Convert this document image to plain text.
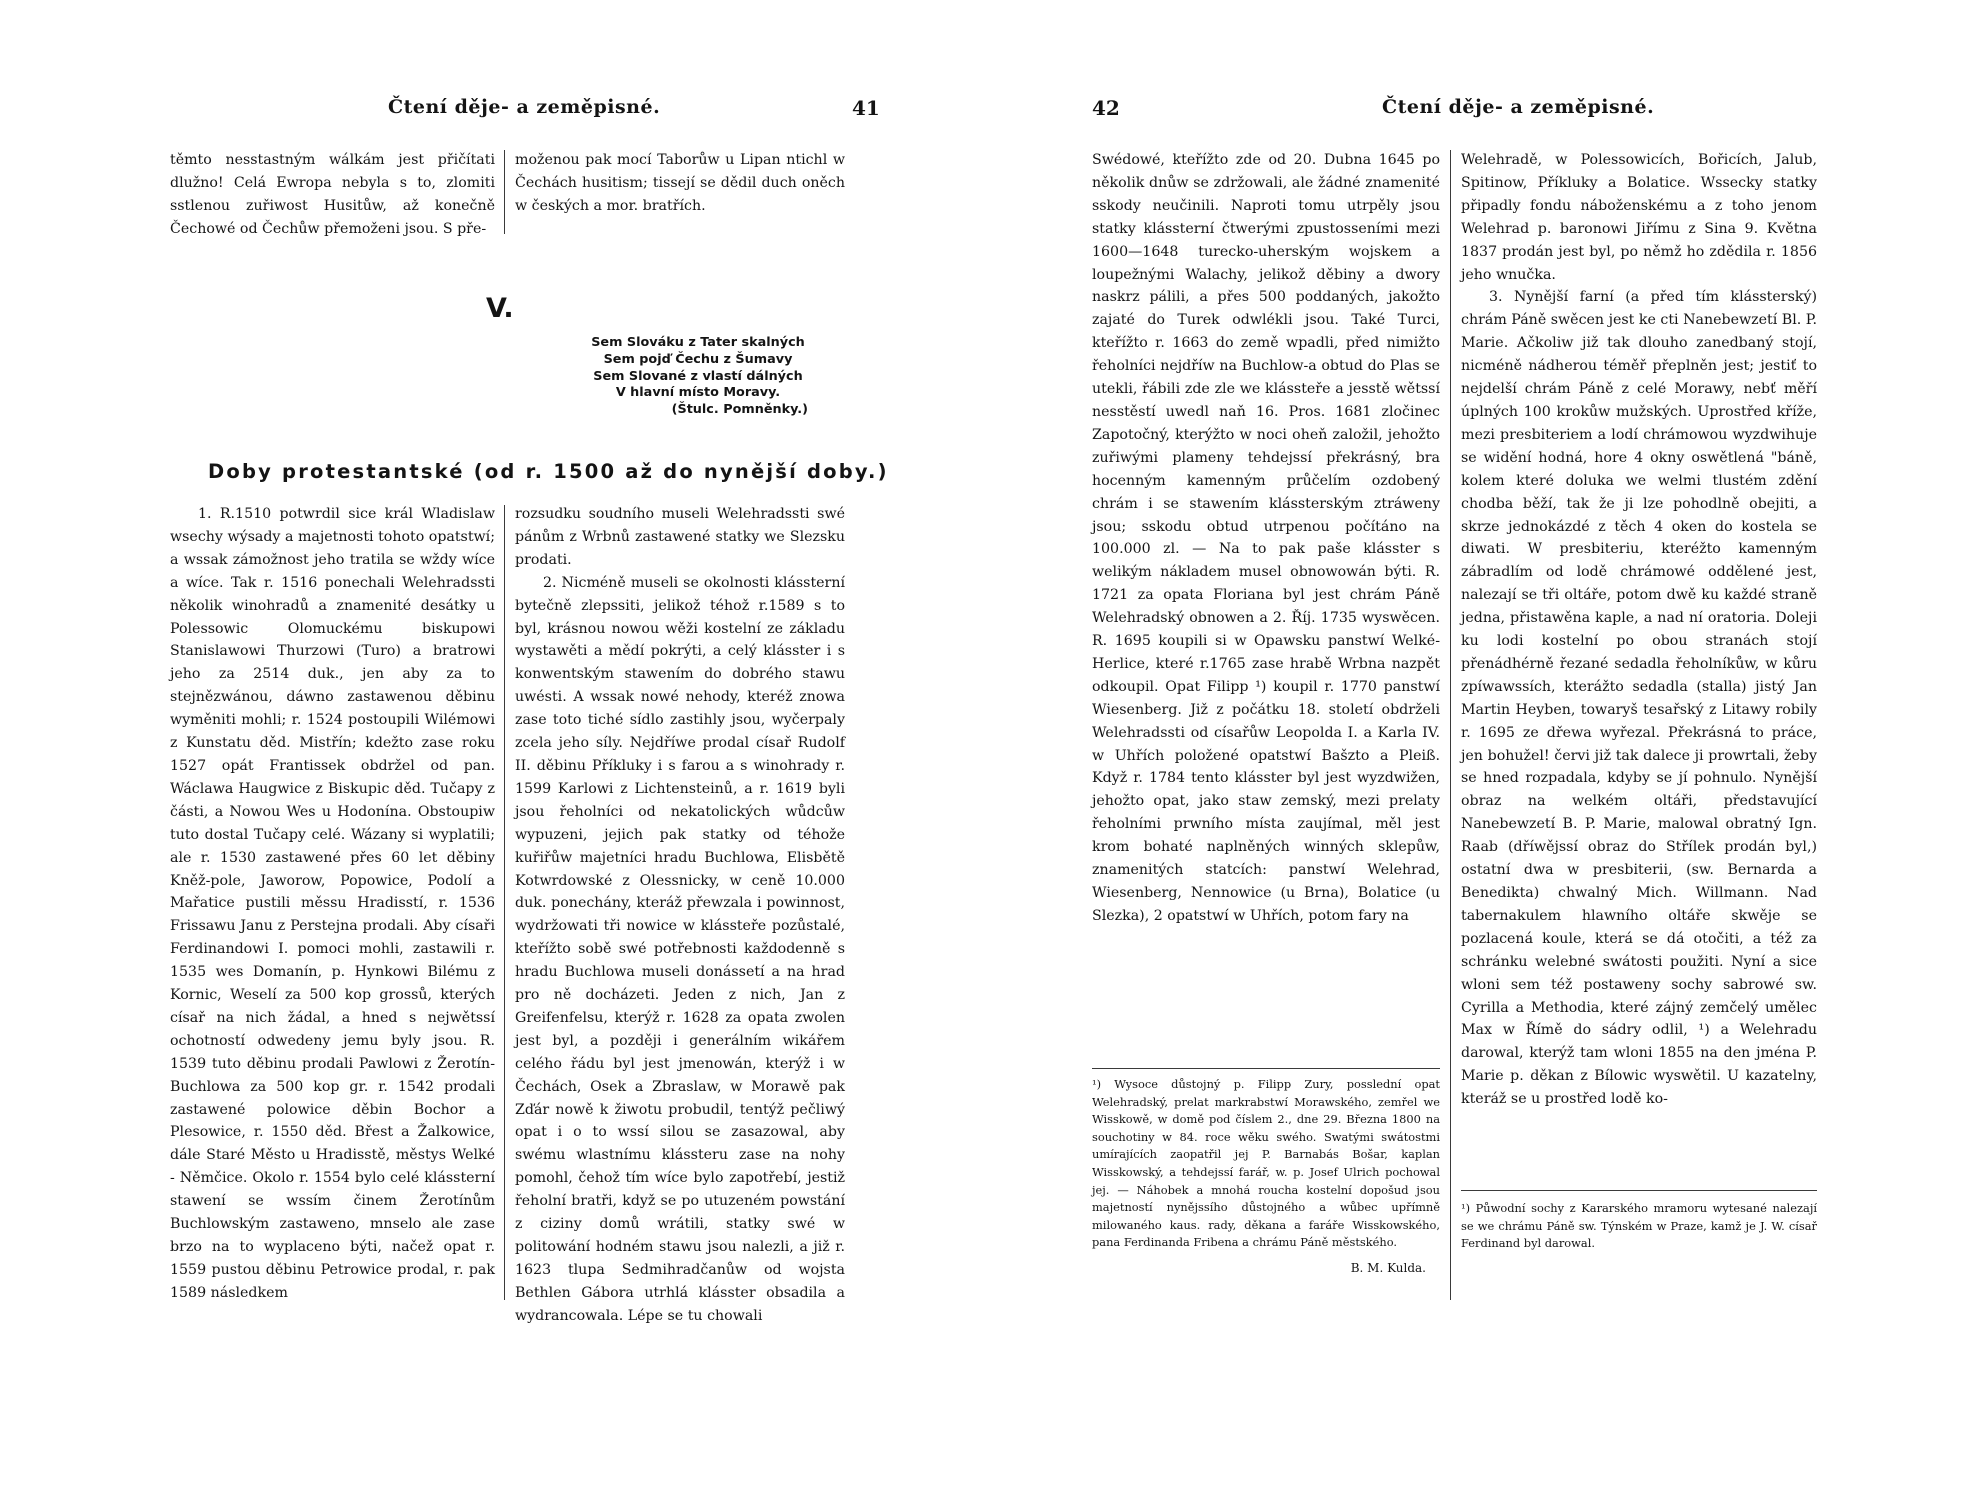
Čtení děje- a zeměpisné.	41

těmto nesstastným wálkám jest přičítati dlužno! Celá Ewropa nebyla s to, zlomiti sstlenou zuřiwost Husitůw, až konečně Čechowé od Čechůw přemoženi jsou. S pře-

moženou pak mocí Taborůw u Lipan ntichl w Čechách husitism; tissejí se dědil duch oněch w českých a mor. bratřích.

V.
Sem Slováku z Tater skalných
Sem pojď Čechu z Šumavy
Sem Slované z vlastí dálných
V hlavní místo Moravy.
(Štulc. Pomněnky.)
Doby protestantské (od r. 1500 až do nynější doby.)

1. R.1510 potwrdil sice král Wladislaw wsechy wýsady a majetnosti tohoto opatstwí; a wssak zámožnost jeho tratila se wždy wíce a wíce. Tak r. 1516 ponechali Welehradssti několik winohradů a znamenité desátky u Polessowic Olomuckému biskupowi Stanislawowi Thurzowi (Turo) a bratrowi jeho za 2514 duk., jen aby za to stejnězwánou, dáwno zastawenou děbinu wyměniti mohli; r. 1524 postoupili Wilémowi z Kunstatu děd. Mistřín; kdežto zase roku 1527 opát Frantissek obdržel od pan. Wáclawa Haugwice z Biskupic děd. Tučapy z části, a Nowou Wes u Hodonína. Obstoupiw tuto dostal Tučapy celé. Wázany si wyplatili; ale r. 1530 zastawené přes 60 let děbiny Kněž-pole, Jaworow, Popowice, Podolí a Mařatice pustili měssu Hradisstí, r. 1536 Frissawu Janu z Perstejna prodali. Aby císaři Ferdinandowi I. pomoci mohli, zastawili r. 1535 wes Domanín, p. Hynkowi Bilému z Kornic, Weselí za 500 kop grossů, kterých císař na nich žádal, a hned s nejwětssí ochotností odwedeny jemu byly jsou. R. 1539 tuto děbinu prodali Pawlowi z Žerotín-Buchlowa za 500 kop gr. r. 1542 prodali zastawené polowice děbin Bochor a Plesowice, r. 1550 děd. Břest a Žalkowice, dále Staré Město u Hradisstě, městys Welké - Němčice. Okolo r. 1554 bylo celé klássterní stawení se wssím činem Žerotínům Buchlowským zastaweno, mnselo ale zase brzo na to wyplaceno býti, načež opat r. 1559 pustou děbinu Petrowice prodal, r. pak 1589 následkem

rozsudku soudního museli Welehradssti swé pánům z Wrbnů zastawené statky we Slezsku prodati.

2. Nicméně museli se okolnosti klássterní bytečně zlepssiti, jelikož téhož r.1589 s to byl, krásnou nowou wěži kostelní ze základu wystawěti a mědí pokrýti, a celý klásster i s konwentským stawením do dobrého stawu uwésti. A wssak nowé nehody, kteréž znowa zase toto tiché sídlo zastihly jsou, wyčerpaly zcela jeho síly. Nejdříwe prodal císař Rudolf II. děbinu Příkluky i s farou a s winohrady r. 1599 Karlowi z Lichtensteinů, a r. 1619 byli jsou řeholníci od nekatolických wůdcůw wypuzeni, jejich pak statky od téhože kuřiřůw majetníci hradu Buchlowa, Elisbětě Kotwrdowské z Olessnicky, w ceně 10.000 duk. ponechány, kteráž přewzala i powinnost, wydržowati tři nowice w klássteře pozůstalé, kteřížto sobě swé potřebnosti každodenně s hradu Buchlowa museli donássetí a na hrad pro ně docházeti. Jeden z nich, Jan z Greifenfelsu, kterýž r. 1628 za opata zwolen jest byl, a později i generálním wikářem celého řádu byl jest jmenowán, kterýž i w Čechách, Osek a Zbraslaw, w Morawě pak Zďár nowě k žiwotu probudil, tentýž pečliwý opat i o to wssí silou se zasazowal, aby swému wlastnímu klássteru zase na nohy pomohl, čehož tím wíce bylo zapotřebí, jestiž řeholní bratři, když se po utuzeném powstání z ciziny domů wrátili, statky swé w politowání hodném stawu jsou nalezli, a již r. 1623 tlupa Sedmihradčanůw od wojsta Bethlen Gábora utrhlá klásster obsadila a wydrancowala. Lépe se tu chowali

42	Čtení děje- a zeměpisné.

Swédowé, kteřížto zde od 20. Dubna 1645 po několik dnůw se zdržowali, ale žádné znamenité sskody neučinili. Naproti tomu utrpěly jsou statky klássterní čtwerými zpustosseními mezi 1600—1648 turecko-uherským wojskem a loupežnými Walachy, jelikož děbiny a dwory naskrz pálili, a přes 500 poddaných, jakožto zajaté do Turek odwlékli jsou. Také Turci, kteřížto r. 1663 do země wpadli, před nimižto řeholníci nejdříw na Buchlow-a obtud do Plas se utekli, řábili zde zle we klássteře a jesstě wětssí nesstěstí uwedl naň 16. Pros. 1681 zločinec Zapotočný, kterýžto w noci oheň založil, jehožto zuřiwými plameny tehdejssí překrásný, bra hocenným kamenným průčelím ozdobený chrám i se stawením klássterským ztráweny jsou; sskodu obtud utrpenou počítáno na 100.000 zl. — Na to pak paše klásster s welikým nákladem musel obnowowán býti. R. 1721 za opata Floriana byl jest chrám Páně Welehradský obnowen a 2. Říj. 1735 wyswěcen. R. 1695 koupili si w Opawsku panstwí Welké-Herlice, které r.1765 zase hrabě Wrbna nazpět odkoupil. Opat Filipp ¹) koupil r. 1770 panstwí Wiesenberg. Již z počátku 18. století obdrželi Welehradssti od císařůw Leopolda I. a Karla IV. w Uhřích položené opatstwí Bašzto a Pleiß. Když r. 1784 tento klásster byl jest wyzdwižen, jehožto opat, jako staw zemský, mezi prelaty řeholními prwního místa zaujímal, měl jest krom bohaté naplněných winných sklepůw, znamenitých statcích: panstwí Welehrad, Wiesenberg, Nennowice (u Brna), Bolatice (u Slezka), 2 opatstwí w Uhřích, potom fary na

Welehradě, w Polessowicích, Bořicích, Jalub, Spitinow, Příkluky a Bolatice. Wssecky statky připadly fondu náboženskému a z toho jenom Welehrad p. baronowi Jiřímu z Sina 9. Května 1837 prodán jest byl, po němž ho zdědila r. 1856 jeho wnučka.

3. Nynější farní (a před tím klássterský) chrám Páně swěcen jest ke cti Nanebewzetí Bl. P. Marie. Ačkoliw již tak dlouho zanedbaný stojí, nicméně nádherou téměř přeplněn jest; jestiť to nejdelší chrám Páně z celé Morawy, nebť měří úplných 100 krokůw mužských. Uprostřed kříže, mezi presbiteriem a lodí chrámowou wyzdwihuje se widění hodná, hore 4 okny oswětlená "báně, kolem které doluka we welmi tlustém zdění chodba běží, tak že ji lze pohodlně obejiti, a skrze jednokázdé z těch 4 oken do kostela se diwati. W presbiteriu, kteréžto kamenným zábradlím od lodě chrámowé oddělené jest, nalezají se tři oltáře, potom dwě ku každé straně jedna, přistawěna kaple, a nad ní oratoria. Doleji ku lodi kostelní po obou stranách stojí přenádhérně řezané sedadla řeholníkůw, w kůru zpíwawssích, kterážto sedadla (stalla) jistý Jan Martin Heyben, towaryš tesařský z Litawy robily r. 1695 ze dřewa wyřezal. Překrásná to práce, jen bohužel! červi již tak dalece ji prowrtali, žeby se hned rozpadala, kdyby se jí pohnulo. Nynější obraz na welkém oltáři, představující Nanebewzetí B. P. Marie, malowal obratný Ign. Raab (dříwějssí obraz do Střílek prodán byl,) ostatní dwa w presbiterii, (sw. Bernarda a Benedikta) chwalný Mich. Willmann. Nad tabernakulem hlawního oltáře skwěje se pozlacená koule, která se dá otočiti, a též za schránku welebné swátosti použiti. Nyní a sice wloni sem též postaweny sochy sabrowé sw. Cyrilla a Methodia, které zájný zemčelý umělec Max w Římě do sádry odlil, ¹) a Welehradu darowal, kterýž tam wloni 1855 na den jména P. Marie p. děkan z Bílowic wyswětil. U kazatelny, kteráž se u prostřed lodě ko-

¹) Wysoce důstojný p. Filipp Zury, posslední opat Welehradský, prelat markrabstwí Morawského, zemřel we Wisskowě, w domě pod číslem 2., dne 29. Března 1800 na souchotiny w 84. roce wěku swého. Swatými swátostmi umírajících zaopatřil jej P. Barnabás Bošar, kaplan Wisskowský, a tehdejssí farář, w. p. Josef Ulrich pochowal jej. — Náhobek a mnohá roucha kostelní dopošud jsou majetností nynějssího důstojného a wůbec upřímně milowaného kaus. rady, děkana a faráře Wisskowského, pana Ferdinanda Fribena a chrámu Páně městského.

B. M. Kulda.

¹) Půwodní sochy z Kararského mramoru wytesané nalezají se we chrámu Páně sw. Týnském w Praze, kamž je J. W. císař Ferdinand byl darowal.
